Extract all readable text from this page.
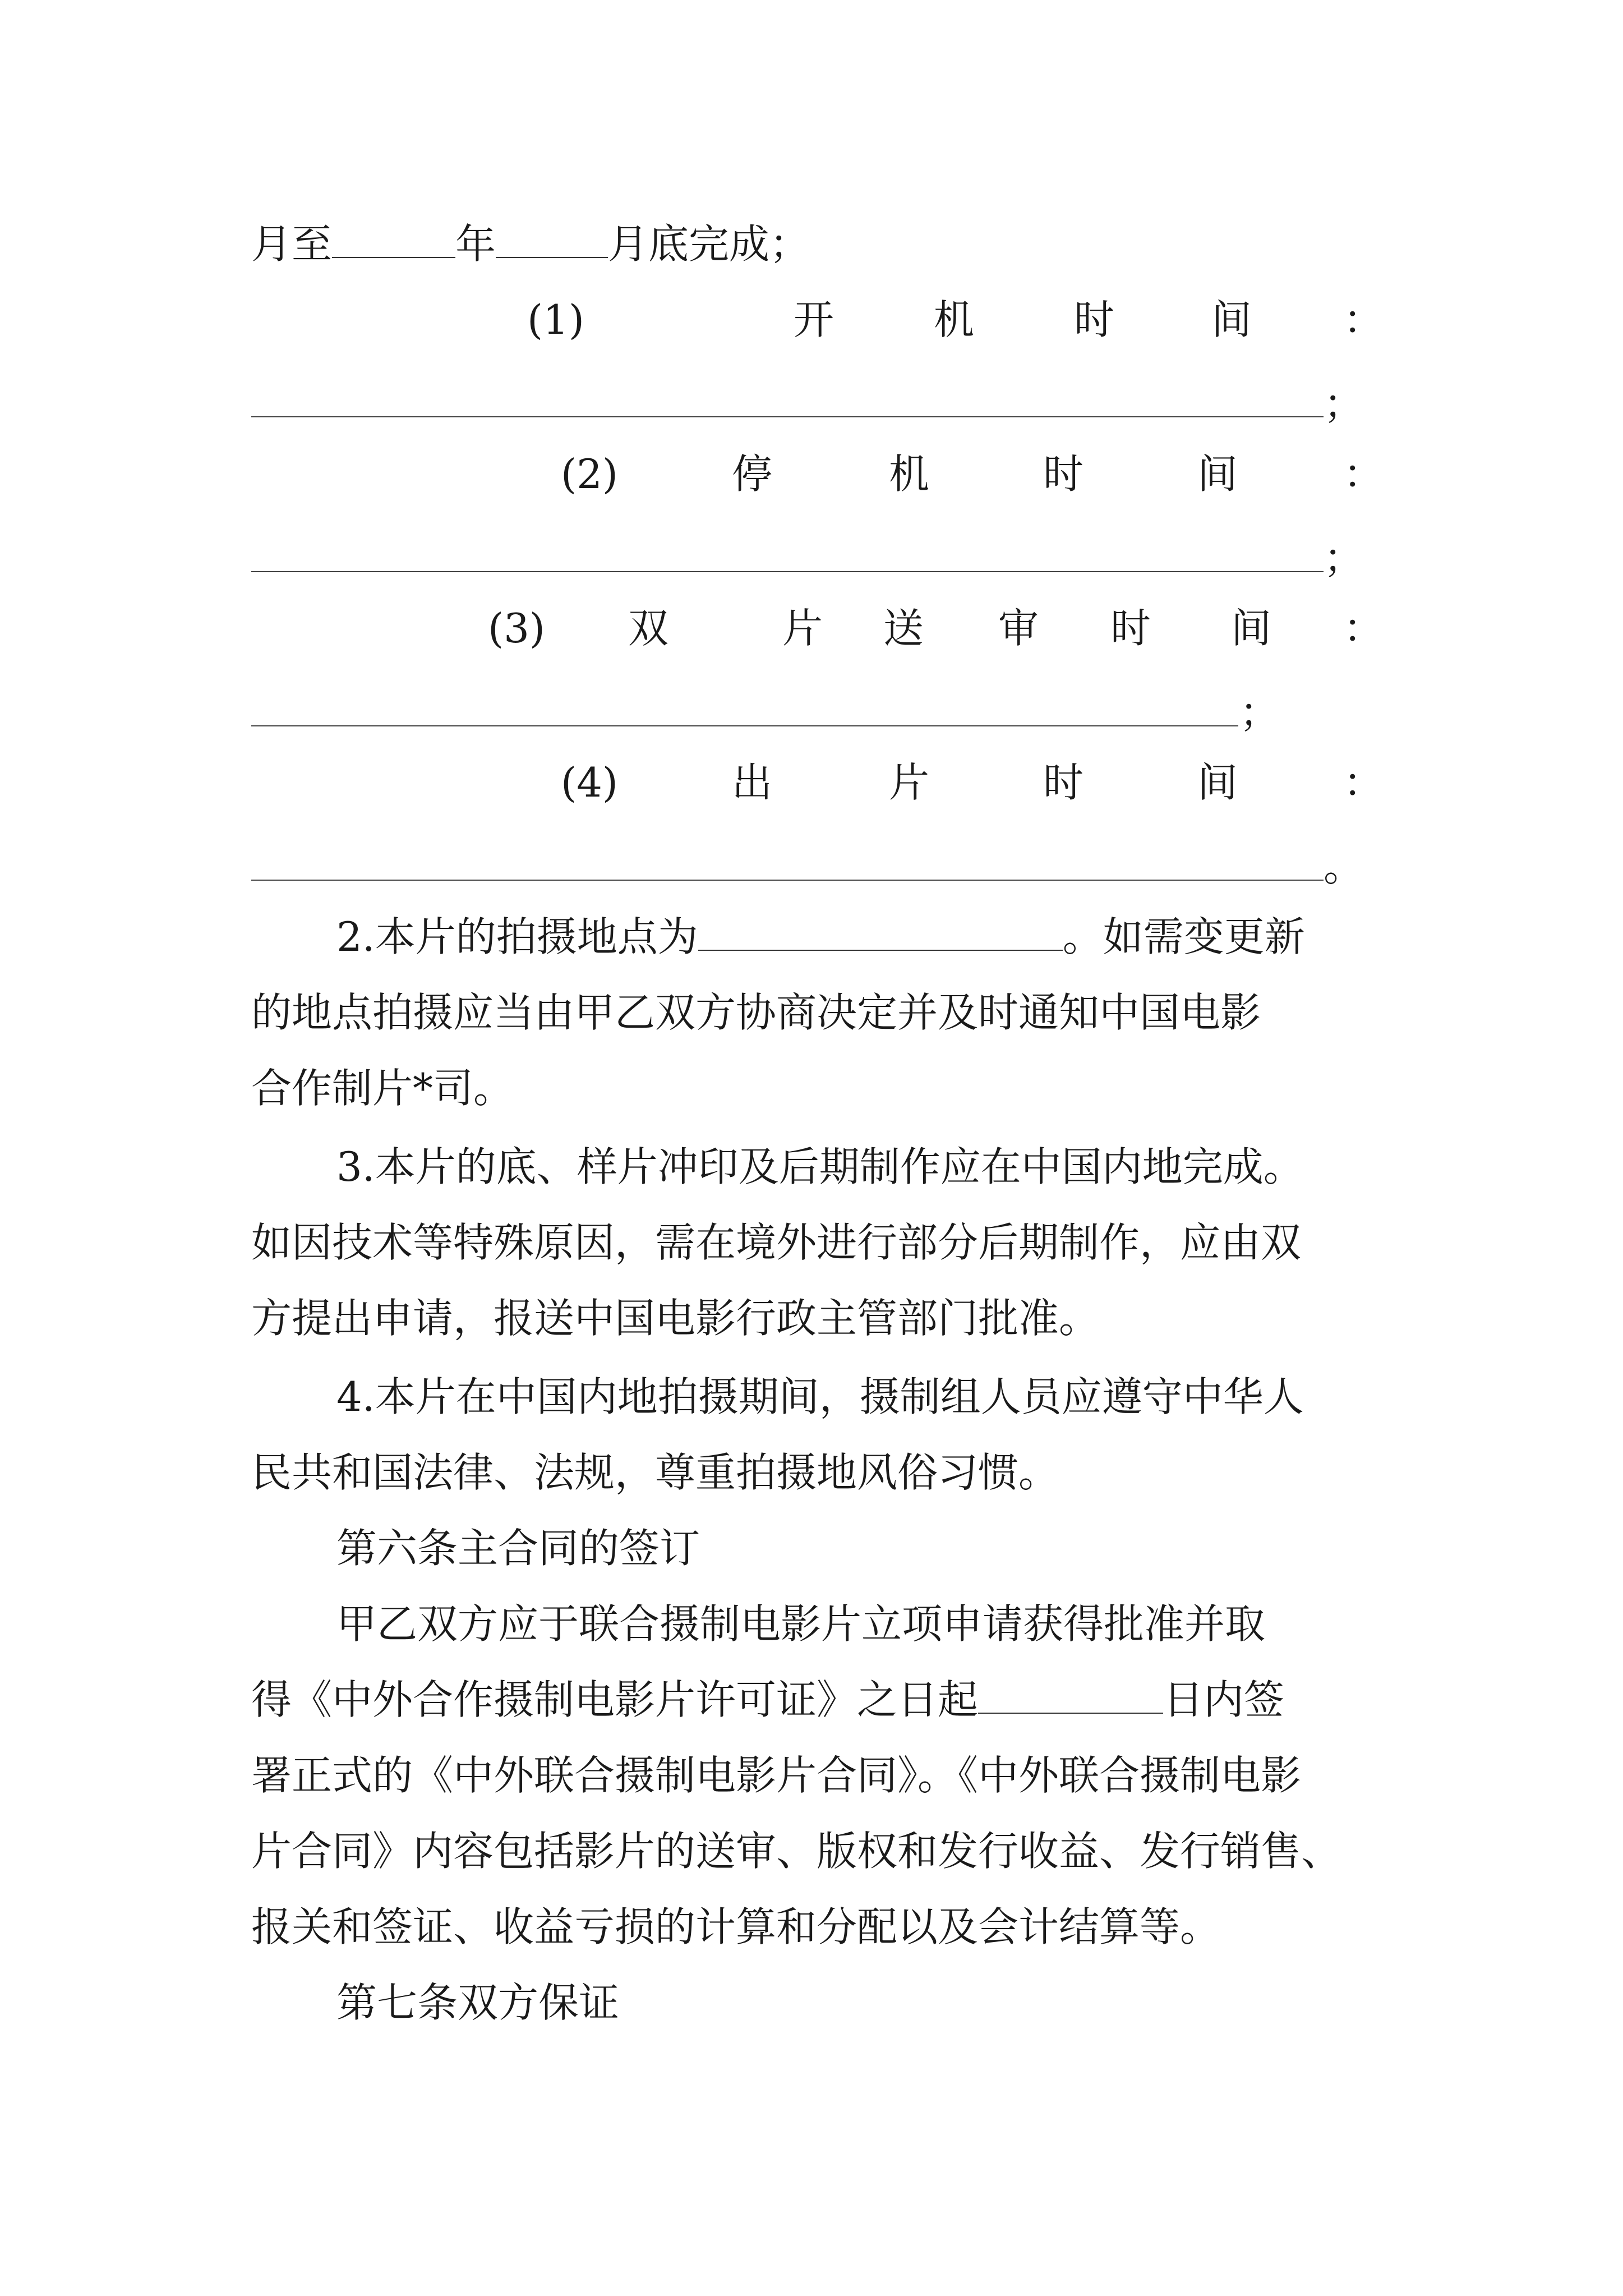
月至	年	月底完成；
(1)	开 机 时 间 ：
；
(2)	停	机	时	间	：
；
(3) 双	片 送 审 时 间 ：
；
(4)	出	片	时	间	：
。
2.本片的拍摄地点为	。如需变更新
的地点拍摄应当由甲乙双方协商决定并及时通知中国电影
合作制片*司。
3.本片的底、样片冲印及后期制作应在中国内地完成。
如因技术等特殊原因，需在境外进行部分后期制作，应由双
方提出申请，报送中国电影行政主管部门批准。
4.本片在中国内地拍摄期间，摄制组人员应遵守中华人
民共和国法律、法规，尊重拍摄地风俗习惯。
第六条主合同的签订
甲乙双方应于联合摄制电影片立项申请获得批准并取
得《中外合作摄制电影片许可证》之日起	日内签
署正式的《中外联合摄制电影片合同》。《中外联合摄制电影
片合同》内容包括影片的送审、版权和发行收益、发行销售、
报关和签证、收益亏损的计算和分配以及会计结算等。
第七条双方保证
